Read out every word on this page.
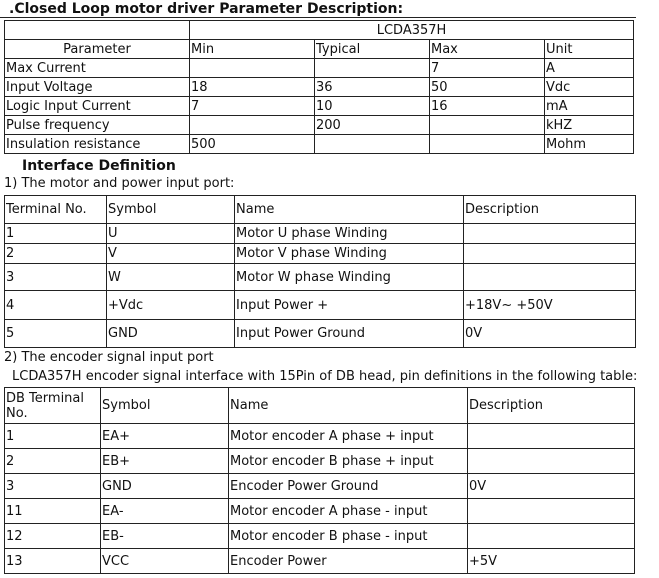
.Closed Loop motor driver Parameter Description:
	LCDA357H			
Parameter	Min	Typical	Max	Unit
Max Current			7	A
Input Voltage	18	36	50	Vdc
Logic Input Current	7	10	16	mA
Pulse frequency		200		kHZ
Insulation resistance	500			Mohm
Interface Definition
1) The motor and power input port:
Terminal No.	Symbol	Name	Description
1	U	Motor U phase Winding	
2	V	Motor V phase Winding	
3	W	Motor W phase Winding	
4	+Vdc	Input Power +	+18V~ +50V
5	GND	Input Power Ground	0V
2) The encoder signal input port
LCDA357H encoder signal interface with 15Pin of DB head, pin definitions in the following table:
DB Terminal No.	Symbol	Name	Description
1	EA+	Motor encoder A phase + input	
2	EB+	Motor encoder B phase + input	
3	GND	Encoder Power Ground	0V
11	EA-	Motor encoder A phase - input	
12	EB-	Motor encoder B phase - input	
13	VCC	Encoder Power	+5V
